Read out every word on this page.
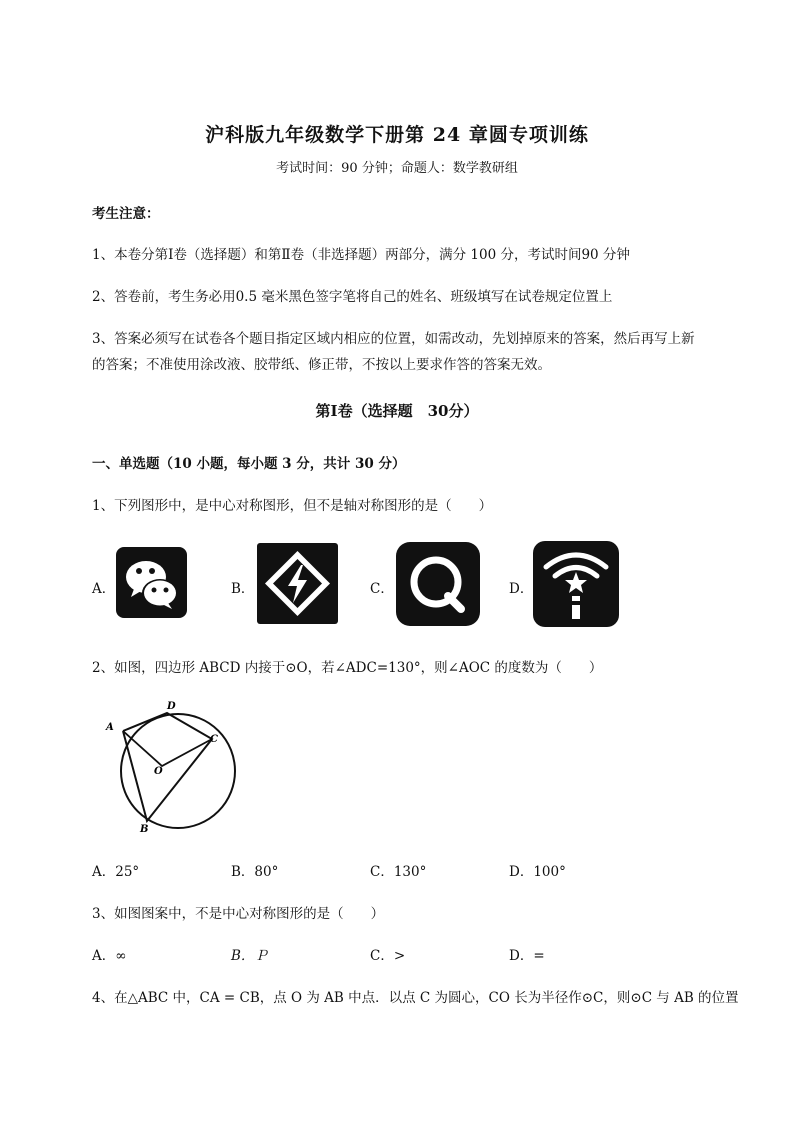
沪科版九年级数学下册第 24 章圆专项训练
考试时间：90 分钟；命题人：数学教研组
考生注意：
1、本卷分第Ⅰ卷（选择题）和第Ⅱ卷（非选择题）两部分，满分 100 分，考试时间90 分钟
2、答卷前，考生务必用0.5 毫米黑色签字笔将自己的姓名、班级填写在试卷规定位置上
3、答案必须写在试卷各个题目指定区域内相应的位置，如需改动，先划掉原来的答案，然后再写上新
的答案；不准使用涂改液、胶带纸、修正带，不按以上要求作答的答案无效。
第Ⅰ卷（选择题　30分）
一、单选题（10 小题，每小题 3 分，共计 30 分）
1、下列图形中，是中心对称图形，但不是轴对称图形的是（　　）
A．	B．	C．	D．
2、如图，四边形 ABCD 内接于⊙O，若∠ADC=130°，则∠AOC 的度数为（　　）
A
B
C
D
O
A．25°	B．80°	C．130°	D．100°
3、如图图案中，不是中心对称图形的是（　　）
A．∞	B．Ｐ	C．>	D．=
4、在△ABC 中，CA = CB，点 O 为 AB 中点．以点 C 为圆心，CO 长为半径作⊙C，则⊙C 与 AB 的位置
